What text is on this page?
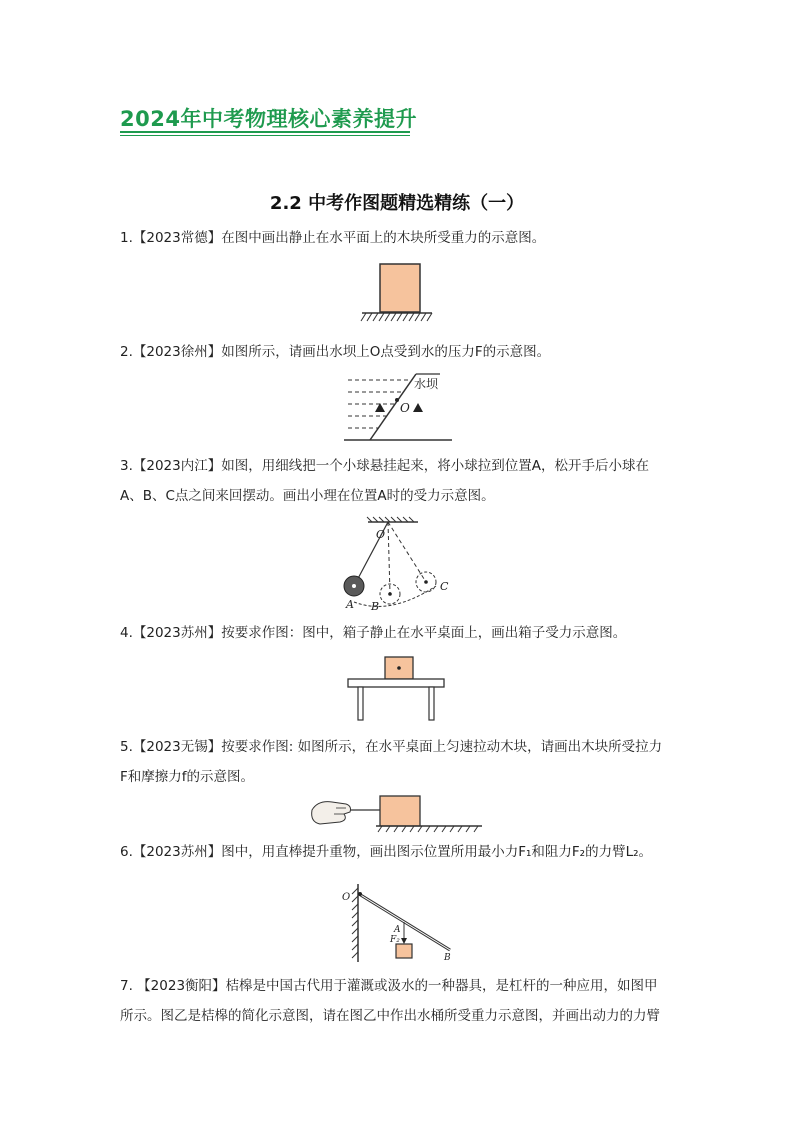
2024年中考物理核心素养提升
2.2 中考作图题精选精练（一）
1.【2023常德】在图中画出静止在水平面上的木块所受重力的示意图。
2.【2023徐州】如图所示，请画出水坝上O点受到水的压力F的示意图。
O
水坝
3.【2023内江】如图，用细线把一个小球悬挂起来，将小球拉到位置A，松开手后小球在
A、B、C点之间来回摆动。画出小理在位置A时的受力示意图。
O
A B
C
4.【2023苏州】按要求作图：图中，箱子静止在水平桌面上，画出箱子受力示意图。
5.【2023无锡】按要求作图: 如图所示，在水平桌面上匀速拉动木块，请画出木块所受拉力
F和摩擦力f的示意图。
6.【2023苏州】图中，用直棒提升重物，画出图示位置所用最小力F₁和阻力F₂的力臂L₂。
O
A
F₂
B
7. 【2023衡阳】桔槔是中国古代用于灌溉或汲水的一种器具，是杠杆的一种应用，如图甲
所示。图乙是桔槔的简化示意图，请在图乙中作出水桶所受重力示意图，并画出动力的力臂
